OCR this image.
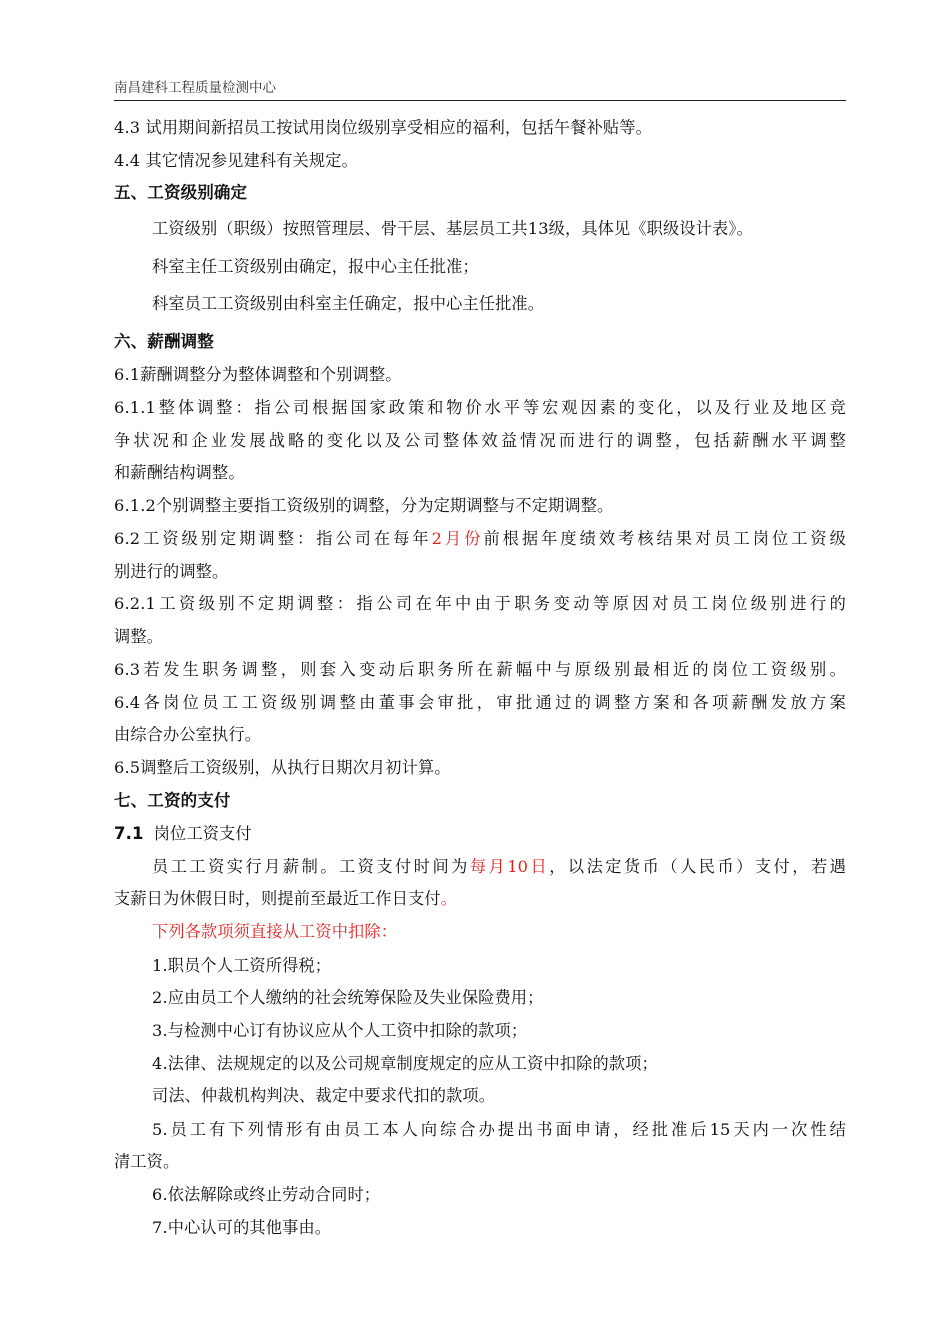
南昌建科工程质量检测中心
4.3 试用期间新招员工按试用岗位级别享受相应的福利，包括午餐补贴等。
4.4 其它情况参见建科有关规定。
五、工资级别确定
工资级别（职级）按照管理层、骨干层、基层员工共13级，具体见《职级设计表》。
科室主任工资级别由确定，报中心主任批准；
科室员工工资级别由科室主任确定，报中心主任批准。
六、薪酬调整
6.1薪酬调整分为整体调整和个别调整。
6.1.1整体调整：指公司根据国家政策和物价水平等宏观因素的变化，以及行业及地区竞
争状况和企业发展战略的变化以及公司整体效益情况而进行的调整，包括薪酬水平调整
和薪酬结构调整。
6.1.2个别调整主要指工资级别的调整，分为定期调整与不定期调整。
6.2工资级别定期调整：指公司在每年2月份前根据年度绩效考核结果对员工岗位工资级
别进行的调整。
6.2.1工资级别不定期调整：指公司在年中由于职务变动等原因对员工岗位级别进行的
调整。
6.3若发生职务调整，则套入变动后职务所在薪幅中与原级别最相近的岗位工资级别。
6.4各岗位员工工资级别调整由董事会审批，审批通过的调整方案和各项薪酬发放方案
由综合办公室执行。
6.5调整后工资级别，从执行日期次月初计算。
七、工资的支付
7.1 岗位工资支付
员工工资实行月薪制。工资支付时间为每月10日，以法定货币（人民币）支付，若遇
支薪日为休假日时，则提前至最近工作日支付。
下列各款项须直接从工资中扣除：
1.职员个人工资所得税；
2.应由员工个人缴纳的社会统筹保险及失业保险费用；
3.与检测中心订有协议应从个人工资中扣除的款项；
4.法律、法规规定的以及公司规章制度规定的应从工资中扣除的款项；
司法、仲裁机构判决、裁定中要求代扣的款项。
5.员工有下列情形有由员工本人向综合办提出书面申请，经批准后15天内一次性结
清工资。
6.依法解除或终止劳动合同时；
7.中心认可的其他事由。
